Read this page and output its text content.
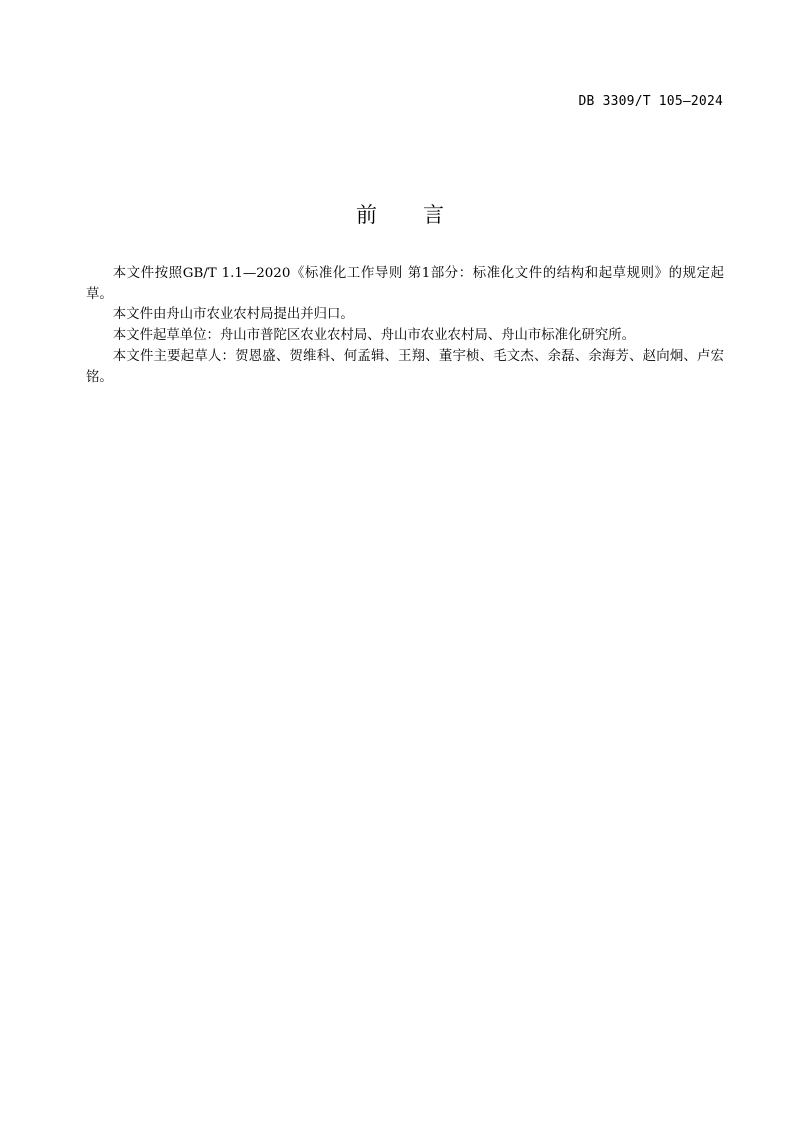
DB 3309/T 105—2024
前言

本文件按照GB/T 1.1—2020《标准化工作导则 第1部分：标准化文件的结构和起草规则》的规定起草。

本文件由舟山市农业农村局提出并归口。

本文件起草单位：舟山市普陀区农业农村局、舟山市农业农村局、舟山市标准化研究所。

本文件主要起草人：贺恩盛、贺维科、何孟辑、王翔、董宇桢、毛文杰、余磊、余海芳、赵向炯、卢宏铭。
